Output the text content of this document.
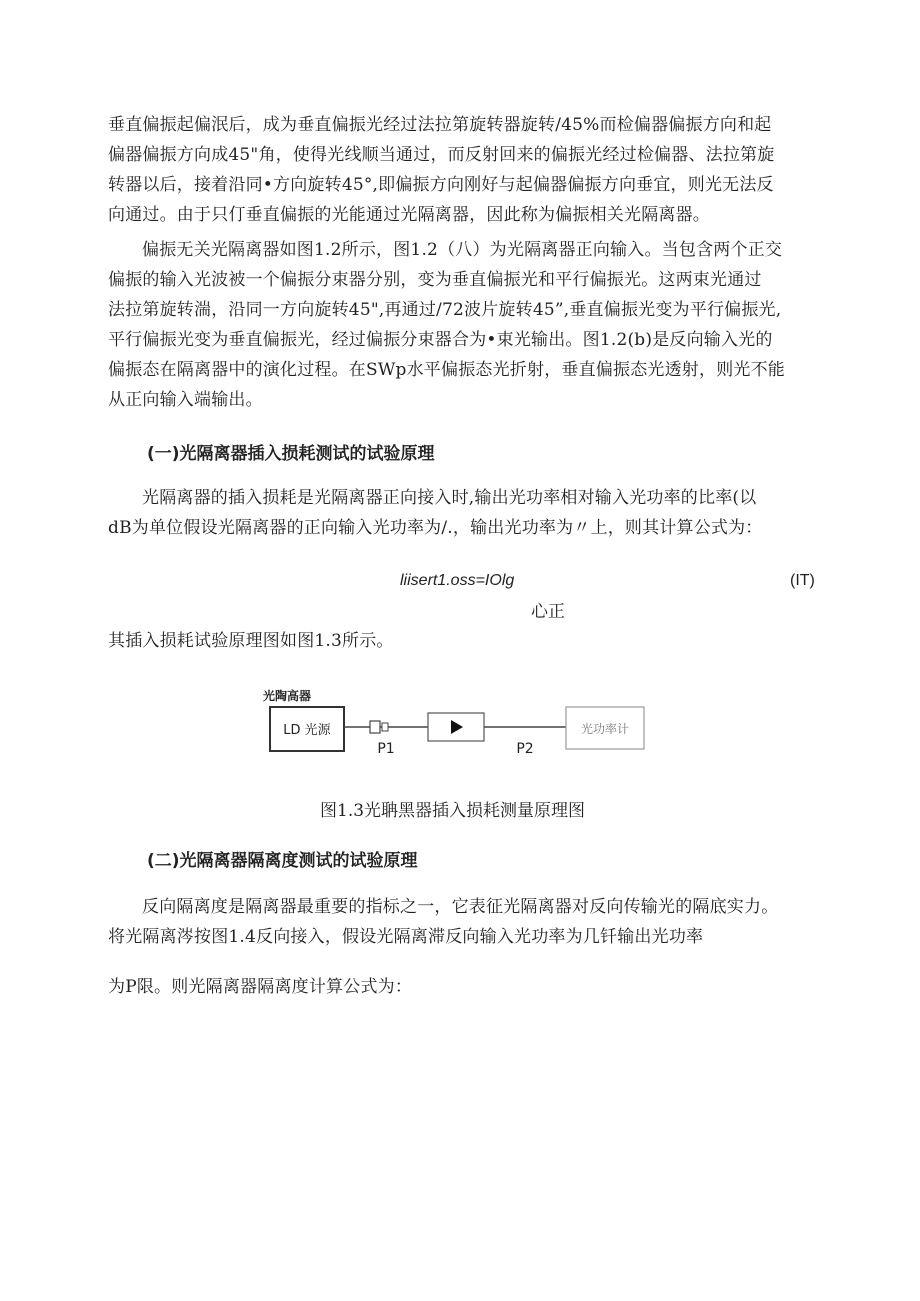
垂直偏振起偏泯后，成为垂直偏振光经过法拉第旋转器旋转/45%而检偏器偏振方向和起
偏器偏振方向成45"角，使得光线顺当通过，而反射回来的偏振光经过检偏器、法拉第旋
转器以后，接着沿同•方向旋转45°,即偏振方向刚好与起偏器偏振方向垂宜，则光无法反
向通过。由于只仃垂直偏振的光能通过光隔离器，因此称为偏振相关光隔离器。
偏振无关光隔离器如图1.2所示，图1.2（八）为光隔离器正向输入。当包含两个正交
偏振的输入光波被一个偏振分束器分别，变为垂直偏振光和平行偏振光。这两束光通过
法拉第旋转湍，沿同一方向旋转45",再通过/72波片旋转45”,垂直偏振光变为平行偏振光,
平行偏振光变为垂直偏振光，经过偏振分束器合为•束光输出。图1.2(b)是反向输入光的
偏振态在隔离器中的演化过程。在SWp水平偏振态光折射，垂直偏振态光透射，则光不能
从正向输入端输出。

(一)光隔离器插入损耗测试的试验原理

光隔离器的插入损耗是光隔离器正向接入时,输出光功率相对输入光功率的比率(以
dB为单位假设光隔离器的正向输入光功率为/.，输出光功率为〃上，则其计算公式为：
liisert1.oss=IOlg	(IT)
心正
其插入损耗试验原理图如图1.3所示。
光陶高器
LD 光源	光功率计
P1	P2

图1.3光聃黑器插入损耗测量原理图

(二)光隔离器隔离度测试的试验原理

反向隔离度是隔离器最重要的指标之一，它表征光隔离器对反向传输光的隔底实力。
将光隔离涔按图1.4反向接入，假设光隔离滞反向输入光功率为几钎输出光功率
为P限。则光隔离器隔离度计算公式为：
